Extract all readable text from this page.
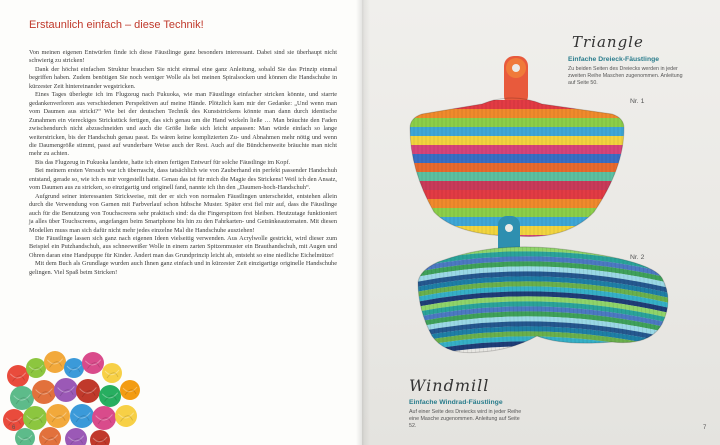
Erstaunlich einfach – diese Technik!

Von meinen eigenen Entwürfen finde ich diese Fäustlinge ganz besonders interessant. Dabei sind sie überhaupt nicht schwierig zu stricken!

Dank der höchst einfachen Struktur brauchen Sie nicht einmal eine ganz Anleitung, sobald Sie das Prinzip einmal begriffen haben. Zudem benötigen Sie noch weniger Wolle als bei meinen Spiralsocken und können die Handschuhe in kürzester Zeit hintereinander wegstricken.

Eines Tages überlegte ich im Flugzeug nach Fukuoka, wie man Fäustlinge einfacher stricken könnte, und starrte gedankenverloren aus verschiedenen Perspektiven auf meine Hände. Plötzlich kam mir der Gedanke: „Und wenn man vom Daumen aus strickt?“ Wie bei der deutschen Technik des Kunststrickens könnte man dann durch identische Zunahmen ein viereckiges Strickstück fertigen, das sich genau um die Hand wickeln ließe … Man bräuchte den Faden zwischendurch nicht abzuschneiden und auch die Größe ließe sich leicht anpassen: Man würde einfach so lange weiterstricken, bis der Handschuh genau passt. Es wären keine komplizierten Zu- und Abnahmen mehr nötig und wenn die Daumengröße stimmt, passt auf wunderbare Weise auch der Rest. Auch auf die Bündchenweite bräuchte man nicht mehr zu achten.

Bis das Flugzeug in Fukuoka landete, hatte ich einen fertigen Entwurf für solche Fäustlinge im Kopf.

Bei meinem ersten Versuch war ich überrascht, dass tatsächlich wie von Zauberhand ein perfekt passender Handschuh entstand, gerade so, wie ich es mir vorgestellt hatte. Genau das ist für mich die Magie des Strickens! Weil ich den Ansatz, vom Daumen aus zu stricken, so einzigartig und originell fand, nannte ich ihn den „Daumen-hoch-Handschuh“.

Aufgrund seiner interessanten Strickweise, mit der er sich von normalen Fäustlingen unterscheidet, entstehen allein durch die Verwendung von Garnen mit Farbverlauf schon hübsche Muster. Später erst fiel mir auf, dass die Fäustlinge auch für die Benutzung von Touchscreens sehr praktisch sind: da die Fingerspitzen frei bleiben. Heutzutage funktioniert ja alles über Touchscreens, angefangen beim Smartphone bis hin zu den Fahrkarten- und Getränkeautomaten. Mit diesen Modellen muss man sich dafür nicht mehr jedes einzelne Mal die Handschuhe ausziehen!

Die Fäustlinge lassen sich ganz nach eigenen Ideen vielseitig verwenden. Aus Acrylwolle gestrickt, wird dieser zum Beispiel ein Putzhandschuh, aus schneeweißer Wolle in einem zarten Spitzenmuster ein Brauthandschuh, mit Augen und Ohren daran eine Handpuppe für Kinder. Ändert man das Grundprinzip leicht ab, entsteht so eine niedliche Eichelmütze!

Mit dem Buch als Grundlage wurden auch Ihnen ganz einfach und in kürzester Zeit einzigartige originelle Handschuhe gelingen. Viel Spaß beim Stricken!

6	7
Triangle
Einfache Dreieck-Fäustlinge

Zu beiden Seiten des Dreiecks werden in jeder zweiten Reihe Maschen zugenommen. Anleitung auf Seite 50.

Nr. 1
Nr. 2
Windmill
Einfache Windrad-Fäustlinge

Auf einer Seite des Dreiecks wird in jeder Reihe eine Masche zugenommen. Anleitung auf Seite 52.
